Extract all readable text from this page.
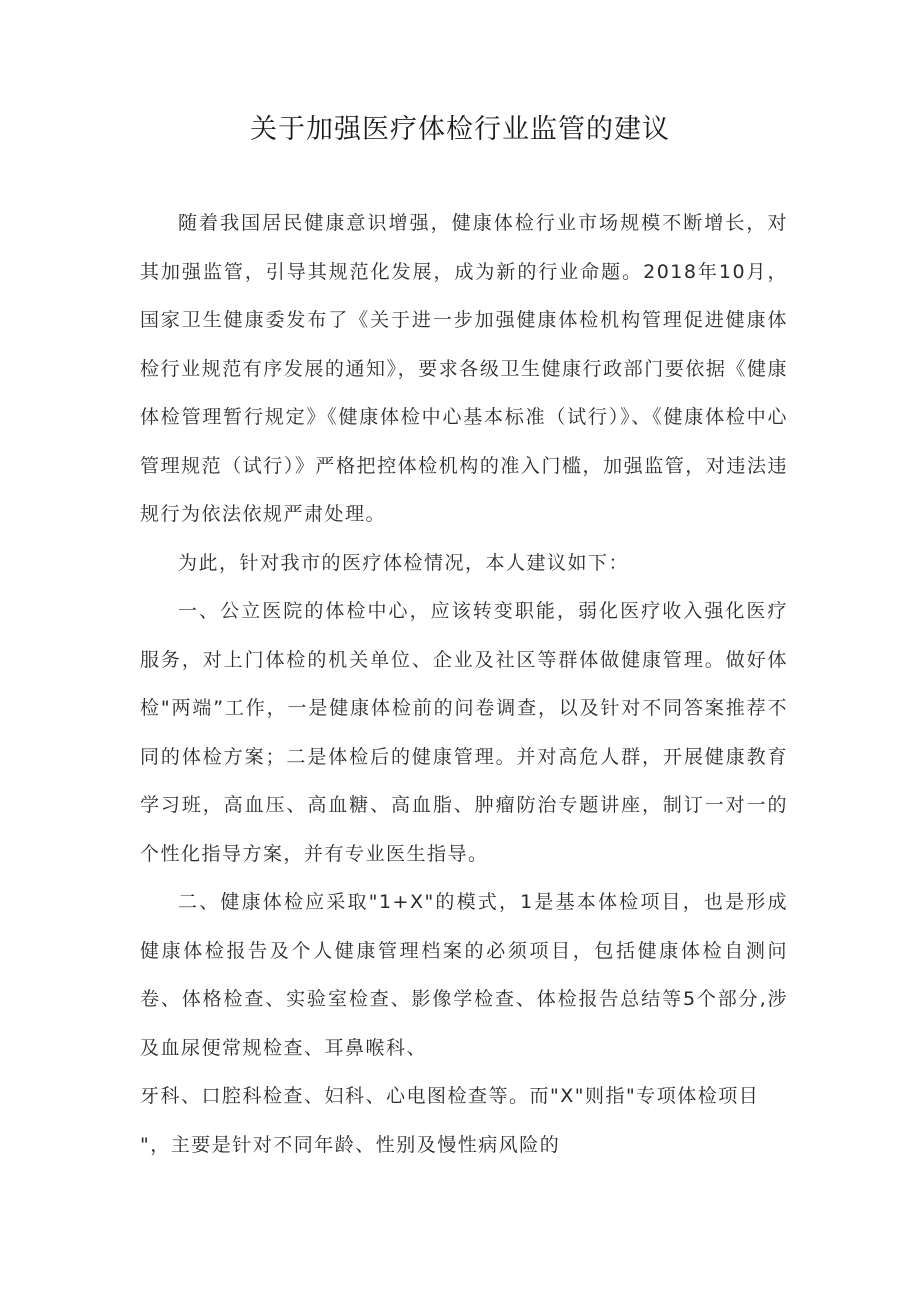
关于加强医疗体检行业监管的建议

随着我国居民健康意识增强，健康体检行业市场规模不断增长，对其加强监管，引导其规范化发展，成为新的行业命题。2018年10月，国家卫生健康委发布了《关于进一步加强健康体检机构管理促进健康体检行业规范有序发展的通知》，要求各级卫生健康行政部门要依据《健康体检管理暂行规定》《健康体检中心基本标准（试行）》、《健康体检中心管理规范（试行）》严格把控体检机构的准入门槛，加强监管，对违法违规行为依法依规严肃处理。

为此，针对我市的医疗体检情况，本人建议如下：

一、公立医院的体检中心，应该转变职能，弱化医疗收入强化医疗服务，对上门体检的机关单位、企业及社区等群体做健康管理。做好体检"两端”工作，一是健康体检前的问卷调查，以及针对不同答案推荐不同的体检方案；二是体检后的健康管理。并对高危人群，开展健康教育学习班，高血压、高血糖、高血脂、肿瘤防治专题讲座，制订一对一的个性化指导方案，并有专业医生指导。

二、健康体检应采取"1+X"的模式，1是基本体检项目，也是形成健康体检报告及个人健康管理档案的必须项目，包括健康体检自测问卷、体格检查、实验室检查、影像学检查、体检报告总结等5个部分,涉及血尿便常规检查、耳鼻喉科、

牙科、口腔科检查、妇科、心电图检查等。而"X"则指"专项体检项目

"，主要是针对不同年龄、性别及慢性病风险的
